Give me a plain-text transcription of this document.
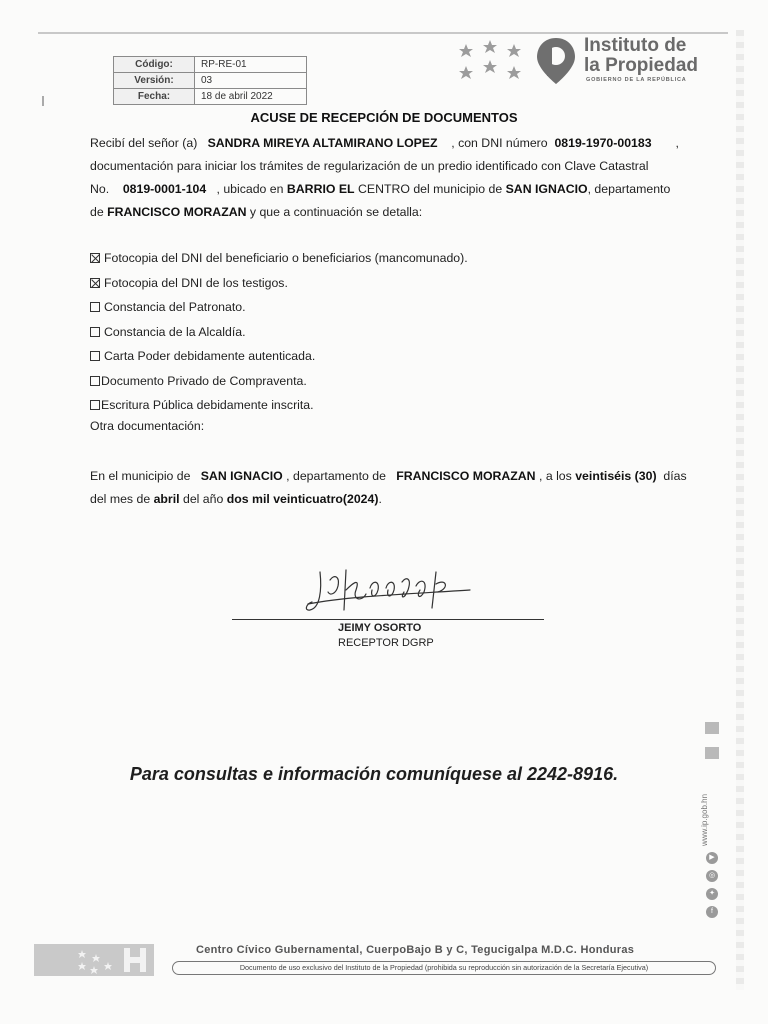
Código:	RP-RE-01
Versión:	03
Fecha:	18 de abril 2022
Instituto de
la Propiedad
GOBIERNO DE LA REPÚBLICA
ACUSE DE RECEPCIÓN DE DOCUMENTOS
Recibí del señor (a) SANDRA MIREYA ALTAMIRANO LOPEZ , con DNI número 0819-1970-00183 ,
documentación para iniciar los trámites de regularización de un predio identificado con Clave Catastral
No. 0819-0001-104 , ubicado en BARRIO EL CENTRO del municipio de SAN IGNACIO, departamento
de FRANCISCO MORAZAN y que a continuación se detalla:
Fotocopia del DNI del beneficiario o beneficiarios (mancomunado).
Fotocopia del DNI de los testigos.
Constancia del Patronato.
Constancia de la Alcaldía.
Carta Poder debidamente autenticada.
Documento Privado de Compraventa.
Escritura Pública debidamente inscrita.
Otra documentación:
En el municipio de SAN IGNACIO , departamento de FRANCISCO MORAZAN , a los veintiséis (30) días
del mes de abril del año dos mil veinticuatro(2024).
JEIMY OSORTO
RECEPTOR DGRP
Para consultas e información comuníquese al 2242-8916.
www.ip.gob.hn
▶
◎
✦
f
Centro Cívico Gubernamental, CuerpoBajo B y C, Tegucigalpa M.D.C. Honduras
Documento de uso exclusivo del Instituto de la Propiedad (prohibida su reproducción sin autorización de la Secretaría Ejecutiva)
